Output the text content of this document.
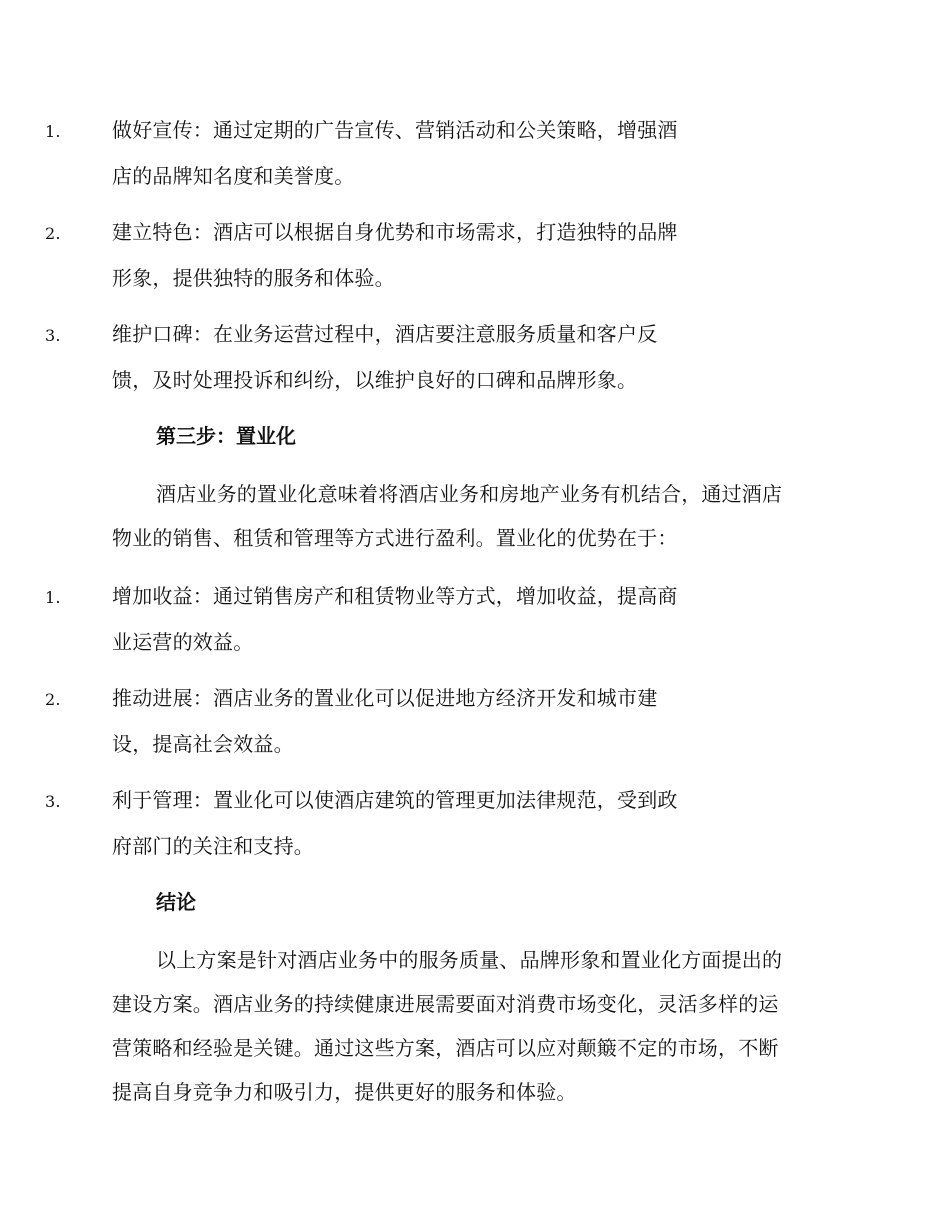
1.	做好宣传：通过定期的广告宣传、营销活动和公关策略，增强酒
店的品牌知名度和美誉度。
2.	建立特色：酒店可以根据自身优势和市场需求，打造独特的品牌
形象，提供独特的服务和体验。
3.	维护口碑：在业务运营过程中，酒店要注意服务质量和客户反
馈，及时处理投诉和纠纷，以维护良好的口碑和品牌形象。
第三步：置业化
酒店业务的置业化意味着将酒店业务和房地产业务有机结合，通过酒店
物业的销售、租赁和管理等方式进行盈利。置业化的优势在于：
1.	增加收益：通过销售房产和租赁物业等方式，增加收益，提高商
业运营的效益。
2.	推动进展：酒店业务的置业化可以促进地方经济开发和城市建
设，提高社会效益。
3.	利于管理：置业化可以使酒店建筑的管理更加法律规范，受到政
府部门的关注和支持。
结论
以上方案是针对酒店业务中的服务质量、品牌形象和置业化方面提出的
建设方案。酒店业务的持续健康进展需要面对消费市场变化，灵活多样的运
营策略和经验是关键。通过这些方案，酒店可以应对颠簸不定的市场，不断
提高自身竞争力和吸引力，提供更好的服务和体验。
